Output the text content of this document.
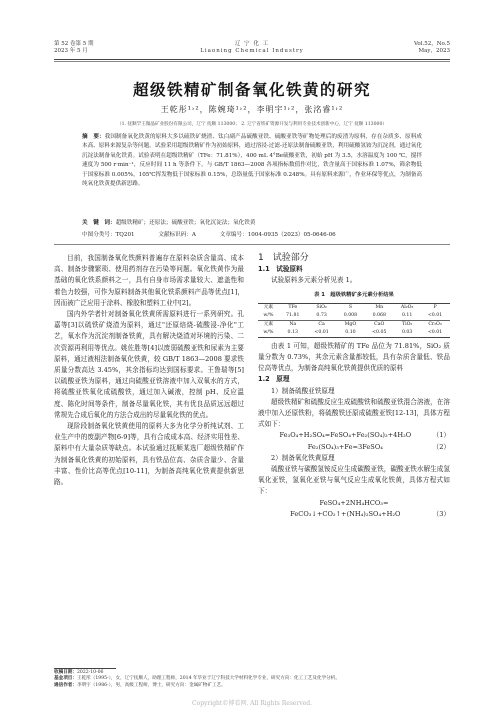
第 52 卷第 5 期
2023 年 5 月
辽 宁 化 工
Liaoning Chemical Industry
Vol.52，No.5
May，2023
超级铁精矿制备氧化铁黄的研究
王乾彤¹˒²，陈婉琦¹˒²，李明宇¹˒²，张洺睿¹˒²
（1. 抚顺罕王微晶矿业股份有限公司，辽宁 抚顺 113000； 2. 辽宁省铁矿资源开发与利用专业技术创新中心，辽宁 抚顺 113000）
摘　要：我国制备氧化铁黄的原料大多以硫铁矿烧渣、钛白副产品硫酸亚铁、硫酸亚铁等矿物处理后的废渣为原料，存在杂质多、原料成本高、原料来源复杂等问题。试验采用超级铁精矿作为初始原料，通过溶浸-过滤-还原法制备硫酸亚铁，利用硫酸氢铵为沉淀剂，通过氧化沉淀法制备氧化铁黄。试验表明在超级铁精矿（TFe：71.81%），400 mL 4°Be硫酸亚铁，初始 pH 为 3.5，水溶温度为 100 ℃，搅拌速度为 500 r·min⁻¹，反应时间 11 h 等条件下，与 GB/T 1863—2008 各项指标数值作对比，铁含量高于国家标准 1.07%，筛余物低于国家标准 0.005%，105℃挥发物低于国家标准 0.15%，总铬量低于国家标准 0.248%。具有原料来源广，作业环保等优点，为制备高纯氧化铁黄提供新思路。
关　键　词：超级铁精矿；还原法；硫酸亚铁；氧化沉淀法；氧化铁黄
中图分类号：TQ201	文献标识码：A	文章编号：1004-0935（2023）05-0646-06

目前，我国制备氧化铁颜料普遍存在原料杂质含量高、成本高、制备步骤繁琐、使用药剂存在污染等问题。氧化铁黄作为最基础的氧化铁系颜料之一，具有自身市场需求量较大、遮盖性和着色力较强，可作为原料制备其他氧化铁系颜料产品等优点[1]，因而被广泛应用于涂料、橡胶和塑料工业中[2]。

国内外学者针对制备氧化铁黄所需原料进行一系列研究。孔嘉等[3]以硫铁矿烧渣为原料，通过"还原焙烧-硫酸浸-净化"工艺，氧水作为沉淀剂制备铁黄，具有解决烧渣对环境的污染、二次资源再利用等优点。姚佐胜等[4]以废弱硫酸亚铁和尿素为主要原料，通过液相法制备氧化铁黄，较 GB/T 1863—2008 要求铁质量分数高达 3.45%，其余指标均达到国标要求。王鲁瑞等[5]以硫酸亚铁为原料，通过向硫酸亚铁溶液中加入双氧水的方式，将硫酸亚铁氧化成硫酸铁，通过加入碱液，控制 pH、反应温度、陈化时间等条件，制备尽量氧化铁，其有优良品质远远超过常规先合成后氧化的方法合成出的尽量氧化铁的优点。

现阶段制备氧化铁黄使用的原料大多为化学分析纯试剂、工业生产中的废副产物[6-9]等，具有合成成本高、经济实用性差、原料中有大量杂质等缺点。本试验通过抚顺某选厂超级铁精矿作为制备氧化铁黄的初始原料，具有铁品位高、杂质含量少、含量丰富、性价比高等优点[10-11]，为制备高纯氧化铁黄提供新思路。

1　试验部分
1.1　试验原料

试验原料多元素分析见表 1。

表 1　超级铁精矿多元素分析结果
元素	TFe	SiO₂	S	Mn	Al₂O₃	P
w/%	71.81	0.73	0.008	0.068	0.11	<0.01
元素	Na	Ca	MgO	CaO	TiO₂	Cr₂O₃
w/%	0.13	<0.01	0.10	<0.05	0.03	<0.01

由表 1 可知，超级铁精矿的 TFe 品位为 71.81%，SiO₂ 质量分数为 0.73%，其余元素含量都较低，具有杂质含量低、铁品位高等优点，为制备高纯氧化铁黄提供优质的原料

1.2　原理

1）制备硫酸亚铁原理

超级铁精矿和硫酸反应生成硫酸铁和硫酸亚铁混合溶液，在溶液中加入还原铁粉，将硫酸铁还原成硫酸亚铁[12-13]，具体方程式如下：

Fe₃O₄+H₂SO₄=FeSO₄+Fe₂(SO₄)₃+4H₂O	（1）
Fe₂(SO₄)₃+Fe=3FeSO₄	（2）

2）制备氧化铁黄原理

硫酸亚铁与碳酸氢铵反应生成碳酸亚铁，碳酸亚铁水解生成氢氧化亚铁，氢氧化亚铁与氧气反应生成氧化铁黄，具体方程式如下：

FeSO₄+2NH₄HCO₃=
FeCO₃↓+CO₂↑+(NH₄)₂SO₄+H₂O	（3）
收稿日期：2022-10-06
基金项目：王乾彤（1995-），女，辽宁抚顺人，助理工程师，2014 年毕业于辽宁科技大学材料化学专业，研究方向：化工工艺及化学分析。
通信作者：李明宇（1986-），男，高级工程师，博士，研究方向：金属矿物矿工艺。
Copyright©博看网. All Rights Reserved.
